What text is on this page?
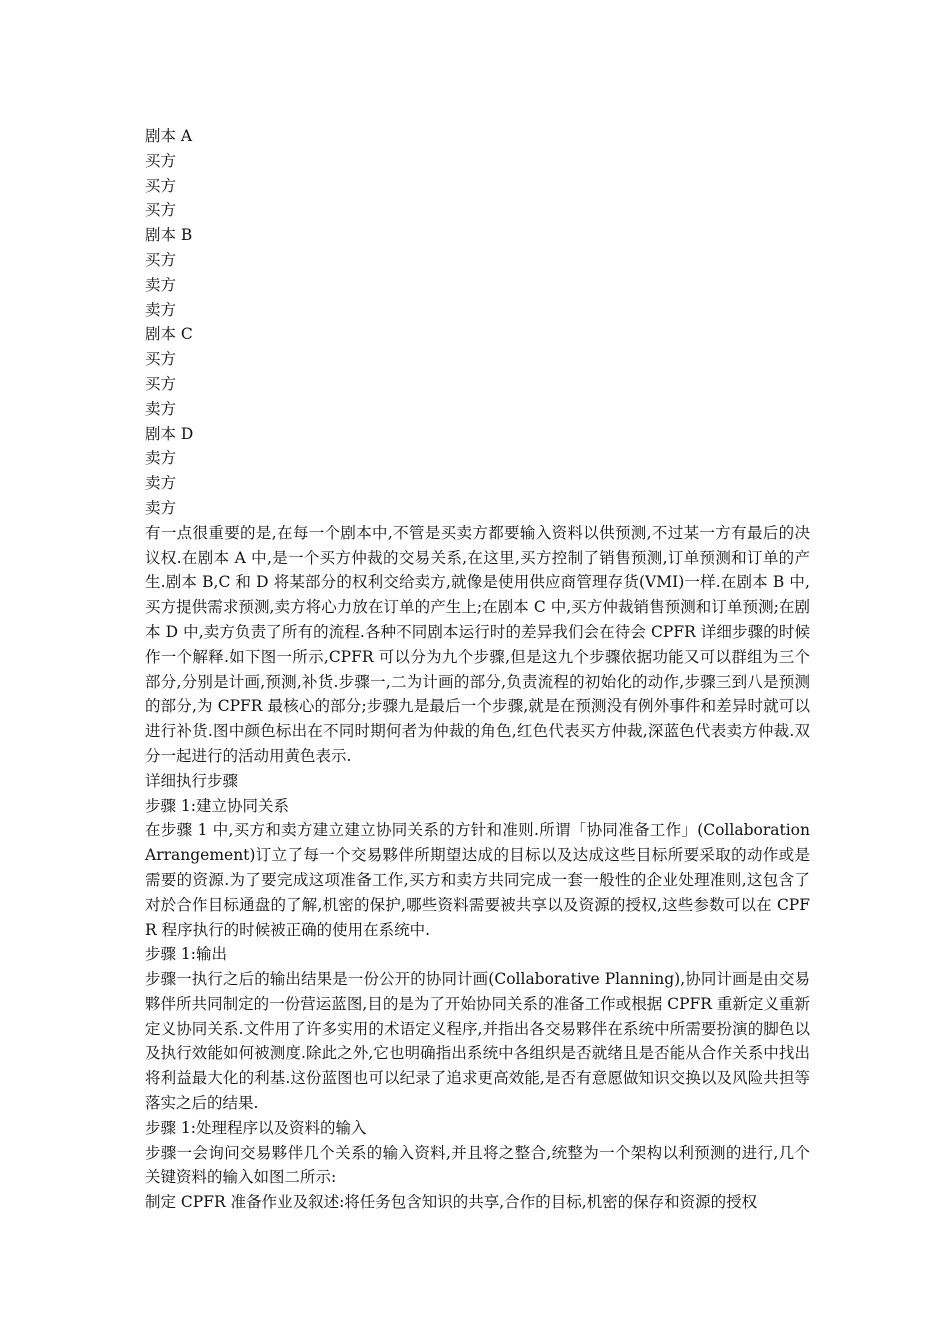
剧本 A
买方
买方
买方
剧本 B
买方
卖方
卖方
剧本 C
买方
买方
卖方
剧本 D
卖方
卖方
卖方

有一点很重要的是,在每一个剧本中,不管是买卖方都要输入资料以供预测,不过某一方有最后的决议权.在剧本 A 中,是一个买方仲裁的交易关系,在这里,买方控制了销售预测,订单预测和订单的产生.剧本 B,C 和 D 将某部分的权利交给卖方,就像是使用供应商管理存货(VMI)一样.在剧本 B 中,买方提供需求预测,卖方将心力放在订单的产生上;在剧本 C 中,买方仲裁销售预测和订单预测;在剧本 D 中,卖方负责了所有的流程.各种不同剧本运行时的差异我们会在待会 CPFR 详细步骤的时候作一个解释.如下图一所示,CPFR 可以分为九个步骤,但是这九个步骤依据功能又可以群组为三个部分,分别是计画,预测,补货.步骤一,二为计画的部分,负责流程的初始化的动作,步骤三到八是预测的部分,为 CPFR 最核心的部分;步骤九是最后一个步骤,就是在预测没有例外事件和差异时就可以进行补货.图中颜色标出在不同时期何者为仲裁的角色,红色代表买方仲裁,深蓝色代表卖方仲裁.双分一起进行的活动用黄色表示.

详细执行步骤
步骤 1:建立协同关系

在步骤 1 中,买方和卖方建立建立协同关系的方针和准则.所谓「协同准备工作」(Collaboration Arrangement)订立了每一个交易夥伴所期望达成的目标以及达成这些目标所要采取的动作或是需要的资源.为了要完成这项准备工作,买方和卖方共同完成一套一般性的企业处理准则,这包含了对於合作目标通盘的了解,机密的保护,哪些资料需要被共享以及资源的授权,这些参数可以在 CPFR 程序执行的时候被正确的使用在系统中.

步骤 1:输出

步骤一执行之后的输出结果是一份公开的协同计画(Collaborative Planning),协同计画是由交易夥伴所共同制定的一份营运蓝图,目的是为了开始协同关系的准备工作或根据 CPFR 重新定义重新定义协同关系.文件用了许多实用的术语定义程序,并指出各交易夥伴在系统中所需要扮演的脚色以及执行效能如何被测度.除此之外,它也明确指出系统中各组织是否就绪且是否能从合作关系中找出将利益最大化的利基.这份蓝图也可以纪录了追求更高效能,是否有意愿做知识交换以及风险共担等落实之后的结果.

步骤 1:处理程序以及资料的输入

步骤一会询问交易夥伴几个关系的输入资料,并且将之整合,统整为一个架构以利预测的进行,几个关键资料的输入如图二所示:

制定 CPFR 准备作业及叙述:将任务包含知识的共享,合作的目标,机密的保存和资源的授权
